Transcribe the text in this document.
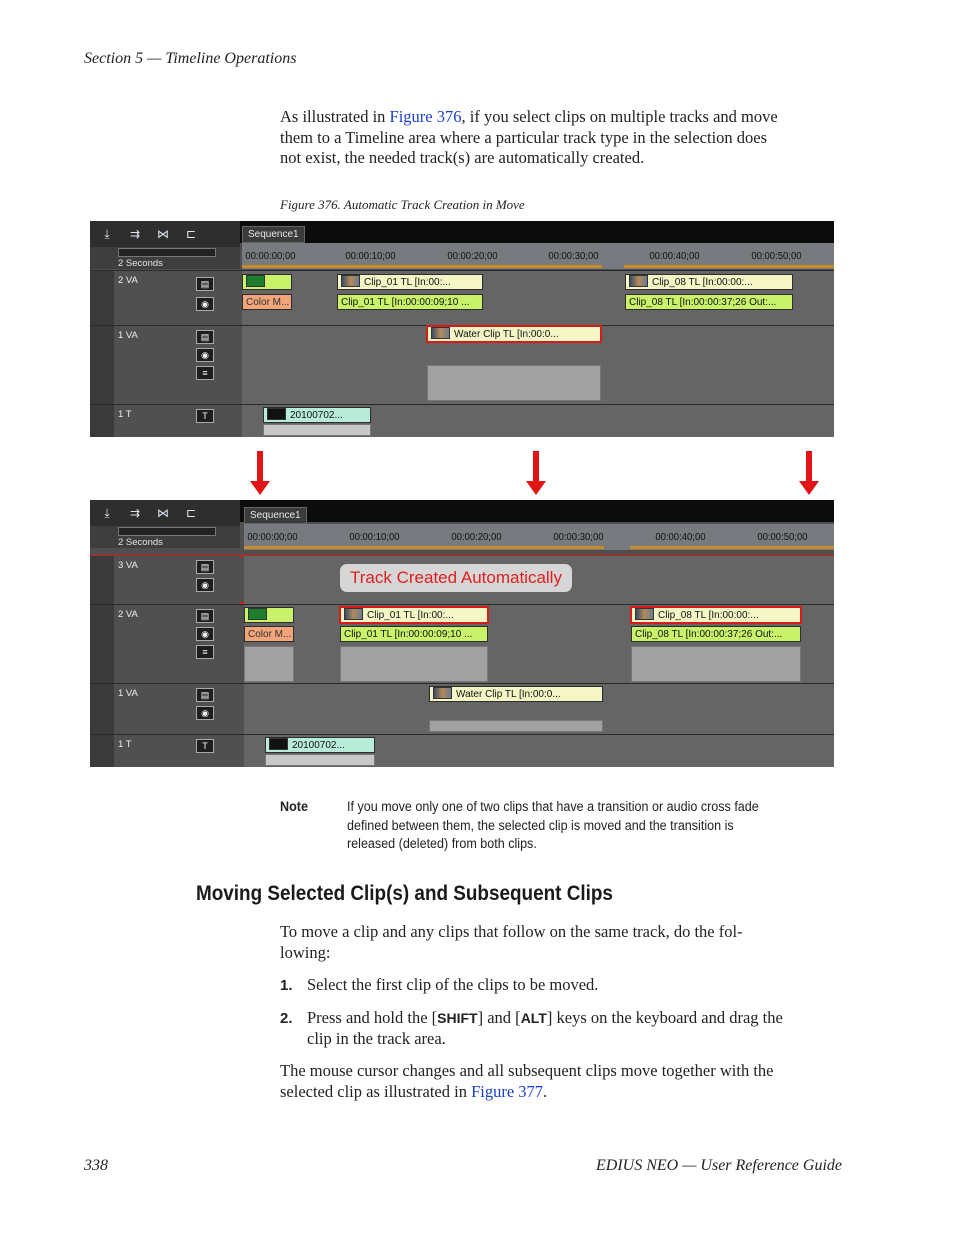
Section 5 — Timeline Operations
As illustrated in Figure 376, if you select clips on multiple tracks and move
them to a Timeline area where a particular track type in the selection does
not exist, the needed track(s) are automatically created.
Figure 376. Automatic Track Creation in Move
⤓	⇉	⋈	⊏	Sequence1
2 Seconds
00:00:00;00	00:00:10;00	00:00:20;00	00:00:30;00	00:00:40;00	00:00:50;00
2 VA	▤
◉	Color M...
Clip_01 TL [In:00:...
Clip_01 TL [In:00:00:09;10 ...
Clip_08 TL [In:00:00:...
Clip_08 TL [In:00:00:37;26 Out:...
1 VA	▤
◉
≡
Water Clip TL [In:00:0...
1 T	T	20100702...
⤓	⇉	⋈	⊏	Sequence1
2 Seconds	00:00:00;00	00:00:10;00	00:00:20;00	00:00:30;00	00:00:40;00	00:00:50;00
3 VA	▤
◉	Track Created Automatically
2 VA	▤
◉
≡
Color M...
Clip_01 TL [In:00:...
Clip_01 TL [In:00:00:09;10 ...
Clip_08 TL [In:00:00:...
Clip_08 TL [In:00:00:37;26 Out:...
1 VA	▤
◉
Water Clip TL [In:00:0...
1 T	T	20100702...
Note	If you move only one of two clips that have a transition or audio cross fade
defined between them, the selected clip is moved and the transition is
released (deleted) from both clips.
Moving Selected Clip(s) and Subsequent Clips
To move a clip and any clips that follow on the same track, do the fol-
lowing:
1. Select the first clip of the clips to be moved.
2. Press and hold the [SHIFT] and [ALT] keys on the keyboard and drag the
clip in the track area.
The mouse cursor changes and all subsequent clips move together with the
selected clip as illustrated in Figure 377.
338	EDIUS NEO — User Reference Guide
